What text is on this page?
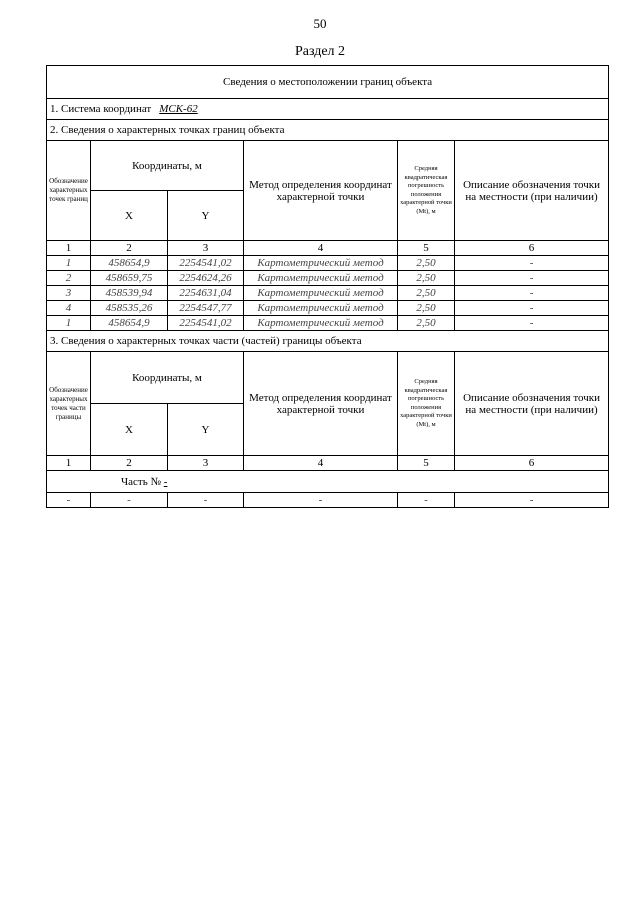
50
Раздел 2
Сведения о местоположении границ объекта					
1. Система координат МСК-62					
2. Сведения о характерных точках границ объекта					
Обозначение характерных точек границ	Координаты, м		Метод определения координат характерной точки	Средняя квадратическая погрешность положения характерной точки (Mt), м	Описание обозначения точки на местности (при наличии)
	X	Y			
1	2	3	4	5	6
1	458654,9	2254541,02	Картометрический метод	2,50	-
2	458659,75	2254624,26	Картометрический метод	2,50	-
3	458539,94	2254631,04	Картометрический метод	2,50	-
4	458535,26	2254547,77	Картометрический метод	2,50	-
1	458654,9	2254541,02	Картометрический метод	2,50	-
3. Сведения о характерных точках части (частей) границы объекта					
Обозначение характерных точек части границы	Координаты, м		Метод определения координат характерной точки	Средняя квадратическая погрешность положения характерной точки (Mt), м	Описание обозначения точки на местности (при наличии)
	X	Y			
1	2	3	4	5	6
Часть № -					
-	-	-	-	-	-
